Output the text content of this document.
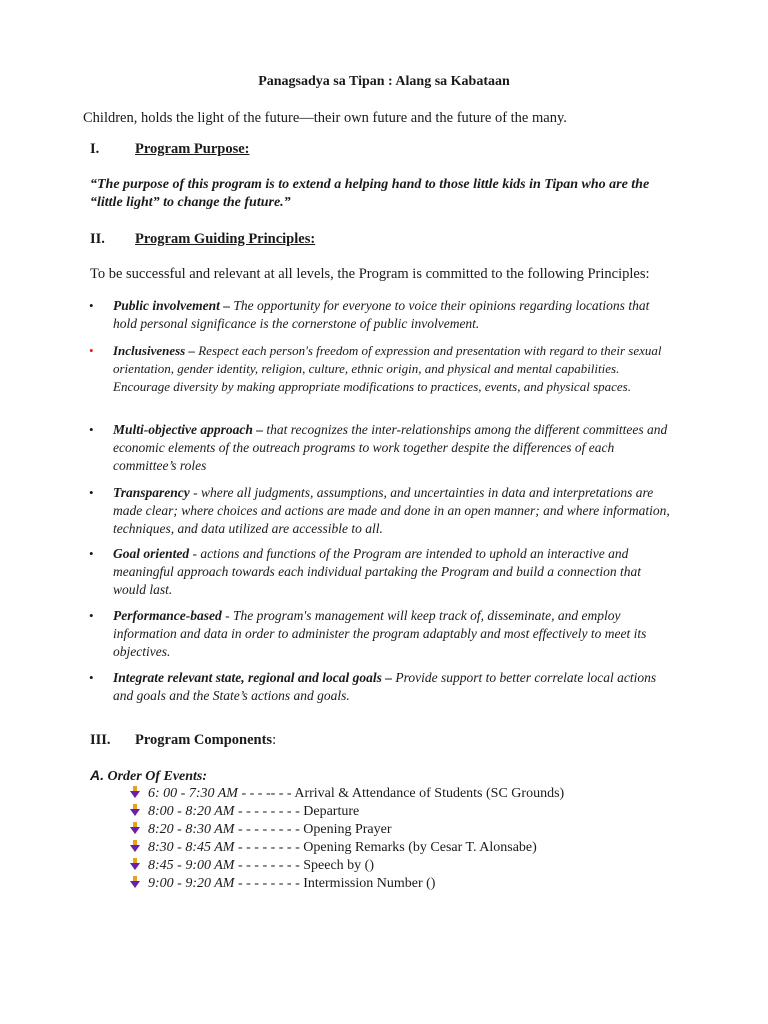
Panagsadya sa Tipan : Alang sa Kabataan
Children, holds the light of the future—their own future and the future of the many.
I. Program Purpose:
“The purpose of this program is to extend a helping hand to those little kids in Tipan who are the “little light” to change the future.”
II. Program Guiding Principles:
To be successful and relevant at all levels, the Program is committed to the following Principles:
• Public involvement – The opportunity for everyone to voice their opinions regarding locations that hold personal significance is the cornerstone of public involvement.
• Inclusiveness – Respect each person's freedom of expression and presentation with regard to their sexual orientation, gender identity, religion, culture, ethnic origin, and physical and mental capabilities. Encourage diversity by making appropriate modifications to practices, events, and physical spaces.
• Multi-objective approach – that recognizes the inter-relationships among the different committees and economic elements of the outreach programs to work together despite the differences of each committee’s roles
• Transparency - where all judgments, assumptions, and uncertainties in data and interpretations are made clear; where choices and actions are made and done in an open manner; and where information, techniques, and data utilized are accessible to all.
• Goal oriented - actions and functions of the Program are intended to uphold an interactive and meaningful approach towards each individual partaking the Program and build a connection that would last.
• Performance-based - The program's management will keep track of, disseminate, and employ information and data in order to administer the program adaptably and most effectively to meet its objectives.
• Integrate relevant state, regional and local goals – Provide support to better correlate local actions and goals and the State’s actions and goals.
III. Program Components:
A. Order Of Events:
6: 00 - 7:30 AM - - - -- - - Arrival & Attendance of Students (SC Grounds)
8:00 - 8:20 AM - - - - - - - - Departure
8:20 - 8:30 AM - - - - - - - - Opening Prayer
8:30 - 8:45 AM - - - - - - - - Opening Remarks (by Cesar T. Alonsabe)
8:45 - 9:00 AM - - - - - - - - Speech by ()
9:00 - 9:20 AM - - - - - - - - Intermission Number ()
